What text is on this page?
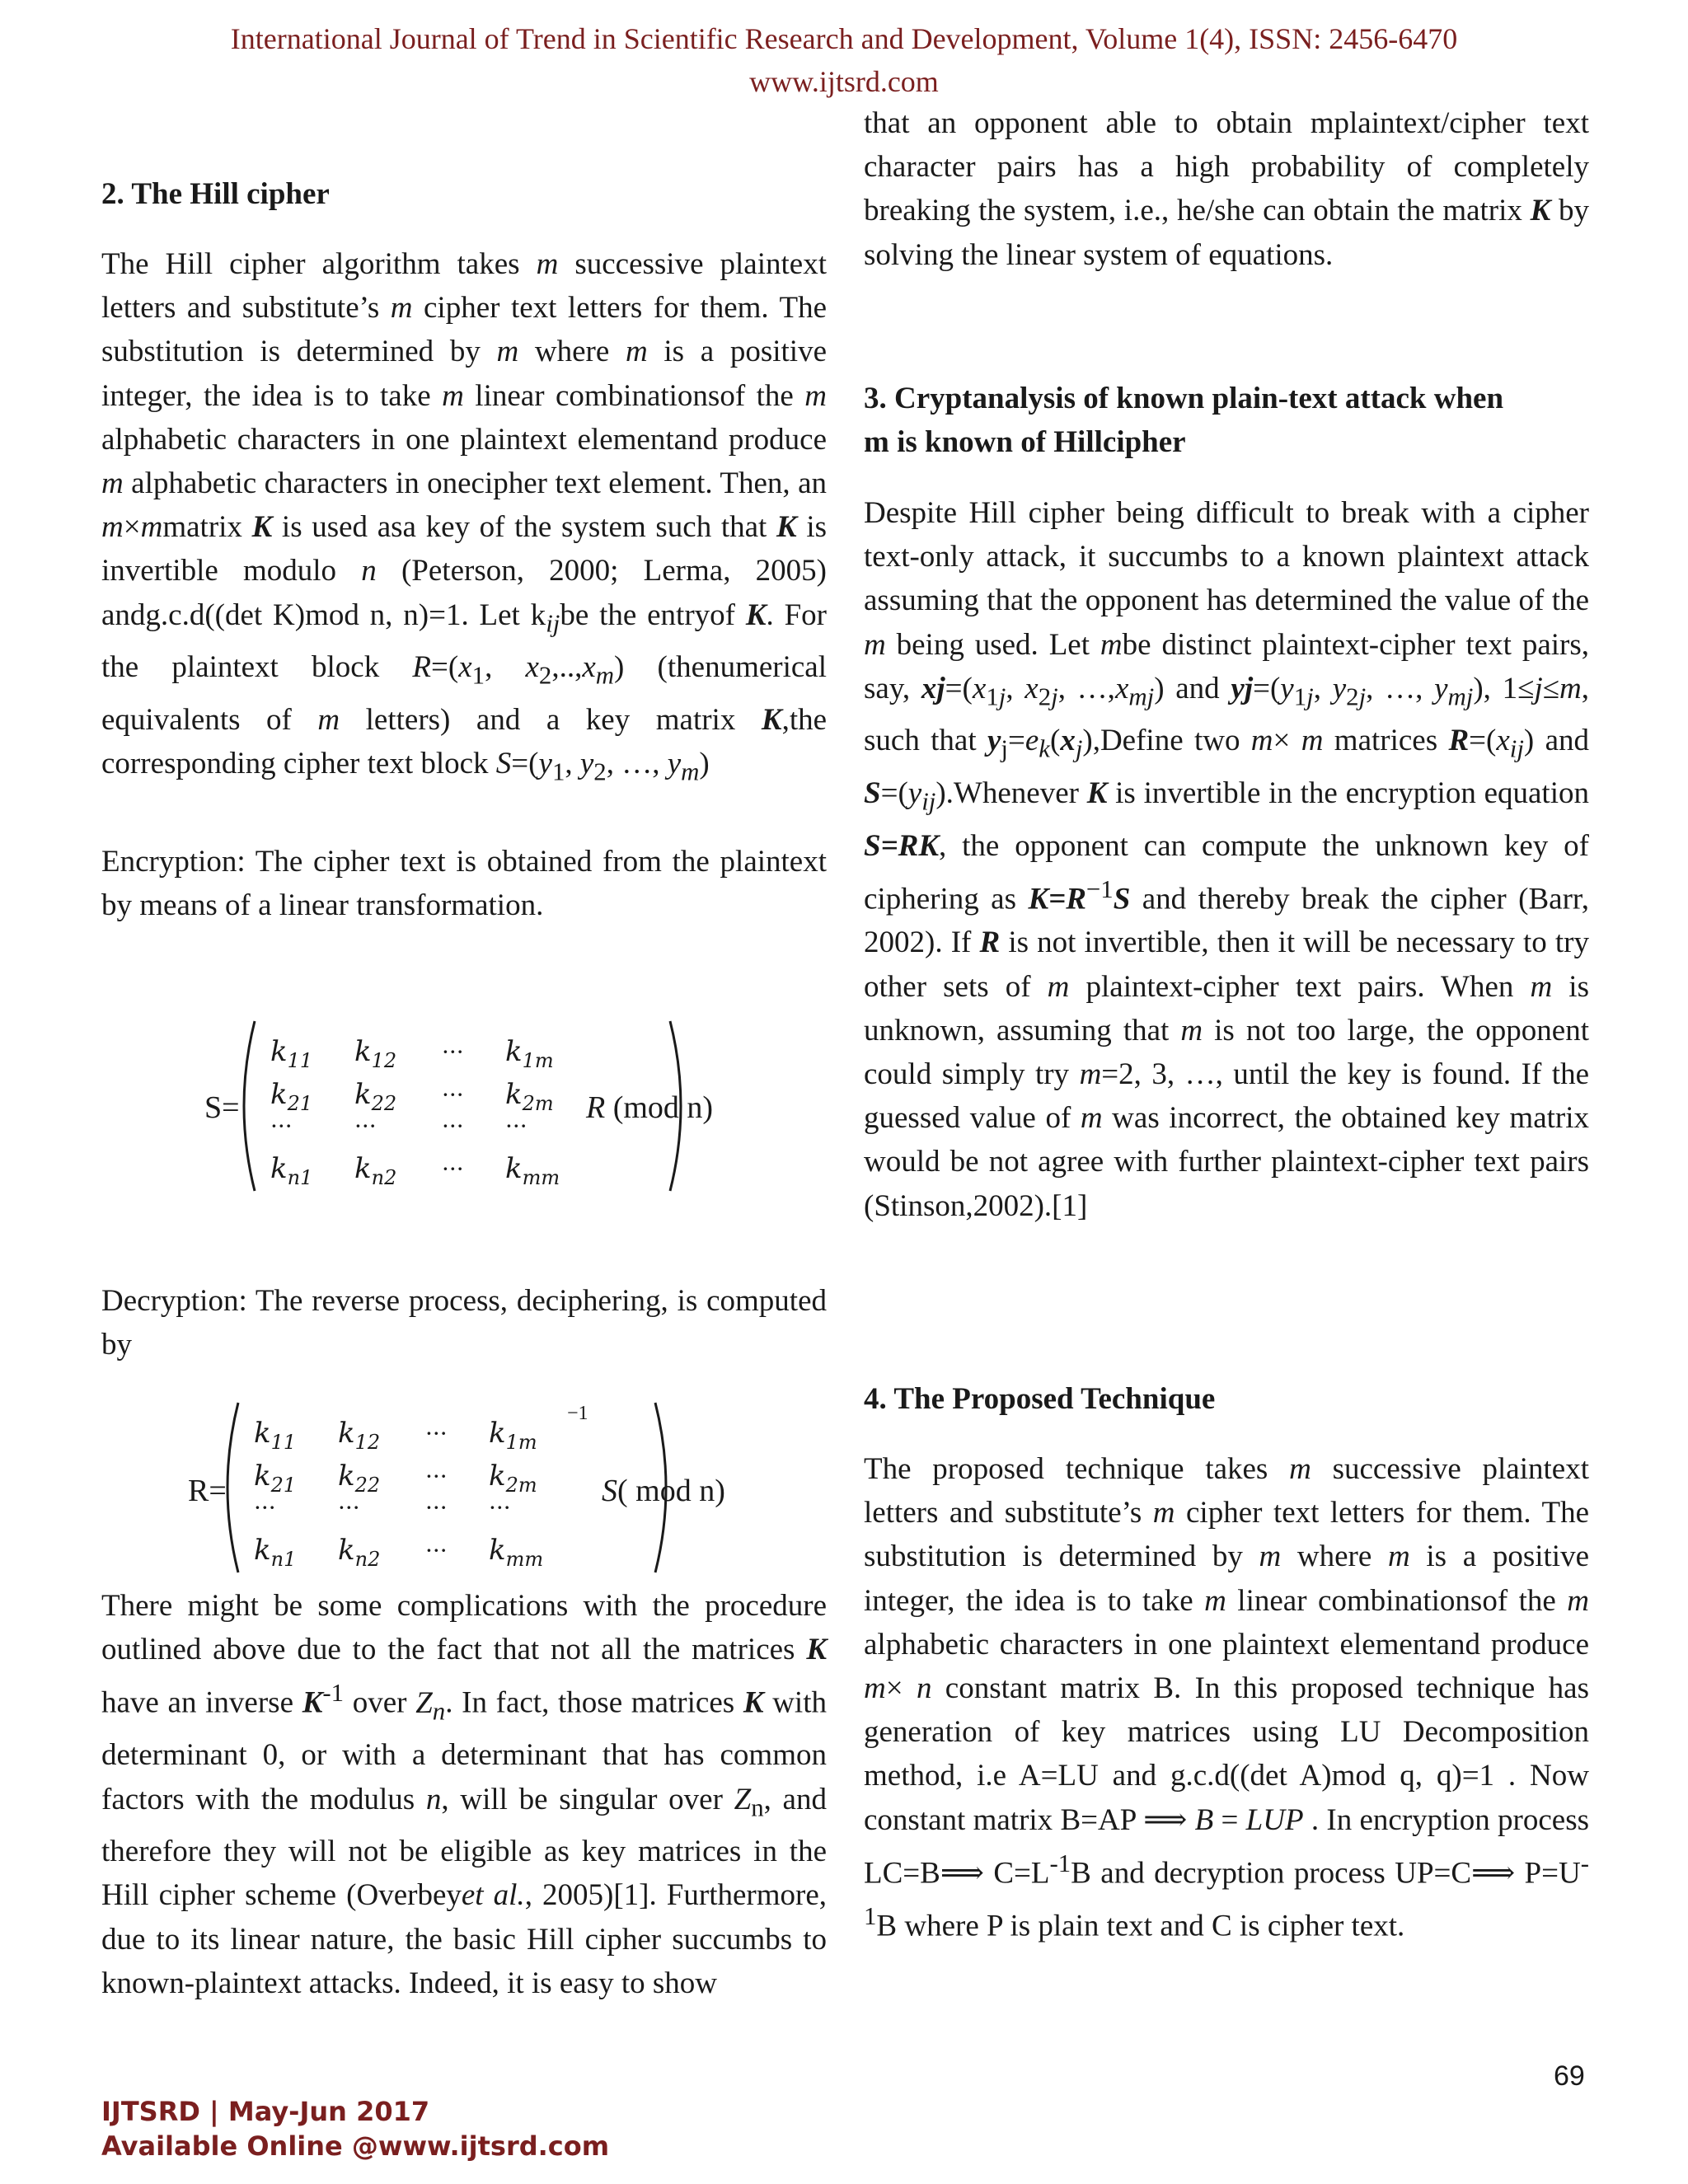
International Journal of Trend in Scientific Research and Development, Volume 1(4), ISSN: 2456-6470
www.ijtsrd.com
2. The Hill cipher

The Hill cipher algorithm takes m successive plaintext letters and substitute’s m cipher text letters for them. The substitution is determined by m where m is a positive integer, the idea is to take m linear combinationsof the m alphabetic characters in one plaintext elementand produce m alphabetic characters in onecipher text element. Then, an m×mmatrix K is used asa key of the system such that K is invertible modulo n (Peterson, 2000; Lerma, 2005) andg.c.d((det K)mod n, n)=1. Let $k_{ij}be$ the entryof K. For the plaintext block $R=(x_1$, $x_2,..,x_m$) (thenumerical equivalents of m letters) and a key matrix K,the corresponding cipher text block $S=(y_1$, $y_2$, …, $y_m$)

Encryption: The cipher text is obtained from the plaintext by means of a linear transformation.
S=
$k_{11}$ $k_{12}$ ··· $k_{1m}$
$k_{21}$ $k_{22}$ ··· $k_{2m}$
···	···	··· ···
$k_{n1}$ $k_{n2}$ ··· $k_{mm}$
R (mod n)
Decryption: The reverse process, deciphering, is computed by
R=
$k_{11}$ $k_{12}$ ··· $k_{1m}$
$k_{21}$ $k_{22}$ ··· $k_{2m}$
···	···	··· ···
$k_{n1}$ $k_{n2}$ ··· $k_{mm}$
−1
S( mod n)

There might be some complications with the procedure outlined above due to the fact that not all the matrices K have an inverse $K^{-1}$ over $Z_n$. In fact, those matrices K with determinant 0, or with a determinant that has common factors with the modulus n, will be singular over $Z_n$, and therefore they will not be eligible as key matrices in the Hill cipher scheme (Overbeyet al., 2005)[1]. Furthermore, due to its linear nature, the basic Hill cipher succumbs to known-plaintext attacks. Indeed, it is easy to show

that an opponent able to obtain mplaintext/cipher text character pairs has a high probability of completely breaking the system, i.e., he/she can obtain the matrix K by solving the linear system of equations.

3. Cryptanalysis of known plain-text attack when
m is known of Hillcipher

Despite Hill cipher being difficult to break with a cipher text-only attack, it succumbs to a known plaintext attack assuming that the opponent has determined the value of the m being used. Let mbe distinct plaintext-cipher text pairs, say, $xj=(x_{1j}$, $x_{2j}$, $\dots,x_{mj}$) and $yj=(y_{1j}$, $y_{2j}$, …, $y_{mj}$), 1≤j≤m, such that $y_j=e_k(x_j),Define$ two m× m matrices $R=(x_{ij})$ and $S=(y_{ij}).Whenever$ K is invertible in the encryption equation S=RK, the opponent can compute the unknown key of ciphering as $K=R^{-1}S$ and thereby break the cipher (Barr, 2002). If R is not invertible, then it will be necessary to try other sets of m plaintext-cipher text pairs. When m is unknown, assuming that m is not too large, the opponent could simply try m=2, 3, …, until the key is found. If the guessed value of m was incorrect, the obtained key matrix would be not agree with further plaintext-cipher text pairs (Stinson,2002).[1]

4. The Proposed Technique

The proposed technique takes m successive plaintext letters and substitute’s m cipher text letters for them. The substitution is determined by m where m is a positive integer, the idea is to take m linear combinationsof the m alphabetic characters in one plaintext elementand produce m× n constant matrix B. In this proposed technique has generation of key matrices using LU Decomposition method, i.e A=LU and g.c.d((det A)mod q, q)=1 . Now constant matrix B=AP ⟹ B = LUP . In encryption process LC=B⟹ $C=L^{-1}B$ and decryption process UP=C⟹ $P=U^{-1}B$ where P is plain text and C is cipher text.

69
IJTSRD | May-Jun 2017
Available Online @www.ijtsrd.com
